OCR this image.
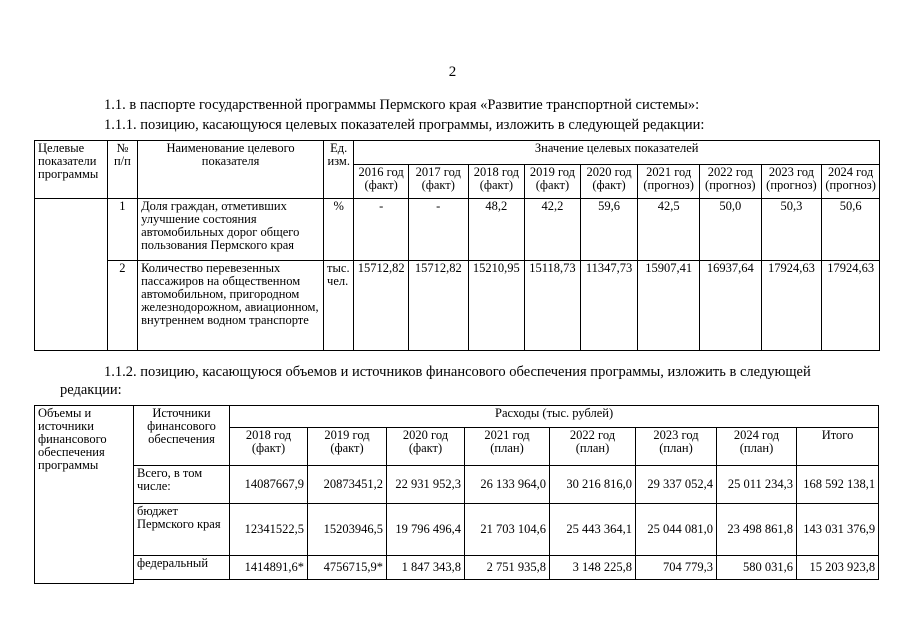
2
1.1. в паспорте государственной программы Пермского края «Развитие транспортной системы»:
1.1.1. позицию, касающуюся целевых показателей программы, изложить в следующей редакции:
Целевые показатели программы	№ п/п	Наименование целевого показателя	Ед. изм.	Значение целевых показателей								
				2016 год (факт)	2017 год (факт)	2018 год (факт)	2019 год (факт)	2020 год (факт)	2021 год (прогноз)	2022 год (прогноз)	2023 год (прогноз)	2024 год (прогноз)
	1	Доля граждан, отметивших улучшение состояния автомобильных дорог общего пользования Пермского края	%	-	-	48,2	42,2	59,6	42,5	50,0	50,3	50,6
	2	Количество перевезенных пассажиров на общественном автомобильном, пригородном железнодорожном, авиационном, внутреннем водном транспорте	тыс. чел.	15712,82	15712,82	15210,95	15118,73	11347,73	15907,41	16937,64	17924,63	17924,63
1.1.2. позицию, касающуюся объемов и источников финансового обеспечения программы, изложить в следующей
редакции:
Объемы и источники финансового обеспечения программы	Источники финансового обеспечения	Расходы (тыс. рублей)							
		2018 год (факт)	2019 год (факт)	2020 год (факт)	2021 год (план)	2022 год (план)	2023 год (план)	2024 год (план)	Итого
	Всего, в том числе:	14087667,9	20873451,2	22 931 952,3	26 133 964,0	30 216 816,0	29 337 052,4	25 011 234,3	168 592 138,1
	бюджет Пермского края	12341522,5	15203946,5	19 796 496,4	21 703 104,6	25 443 364,1	25 044 081,0	23 498 861,8	143 031 376,9
	федеральный	1414891,6*	4756715,9*	1 847 343,8	2 751 935,8	3 148 225,8	704 779,3	580 031,6	15 203 923,8
